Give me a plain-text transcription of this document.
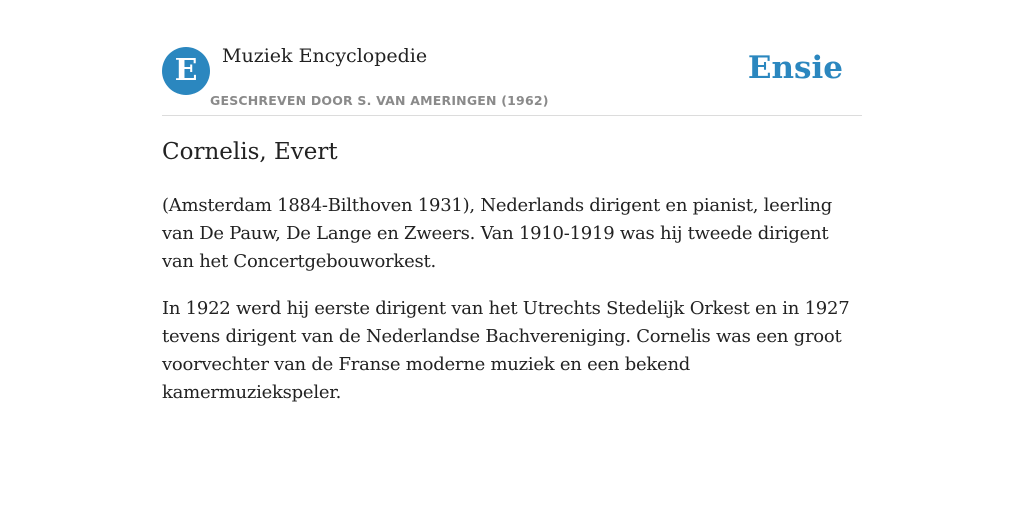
E	Muziek Encyclopedie
GESCHREVEN DOOR S. VAN AMERINGEN (1962)
Ensie
Cornelis, Evert

(Amsterdam 1884-Bilthoven 1931), Nederlands dirigent en pianist, leerling van De Pauw, De Lange en Zweers. Van 1910-1919 was hij tweede dirigent van het Concertgebouworkest.

In 1922 werd hij eerste dirigent van het Utrechts Stedelijk Orkest en in 1927 tevens dirigent van de Nederlandse Bachvereniging. Cornelis was een groot voorvechter van de Franse moderne muziek en een bekend kamermuziekspeler.
